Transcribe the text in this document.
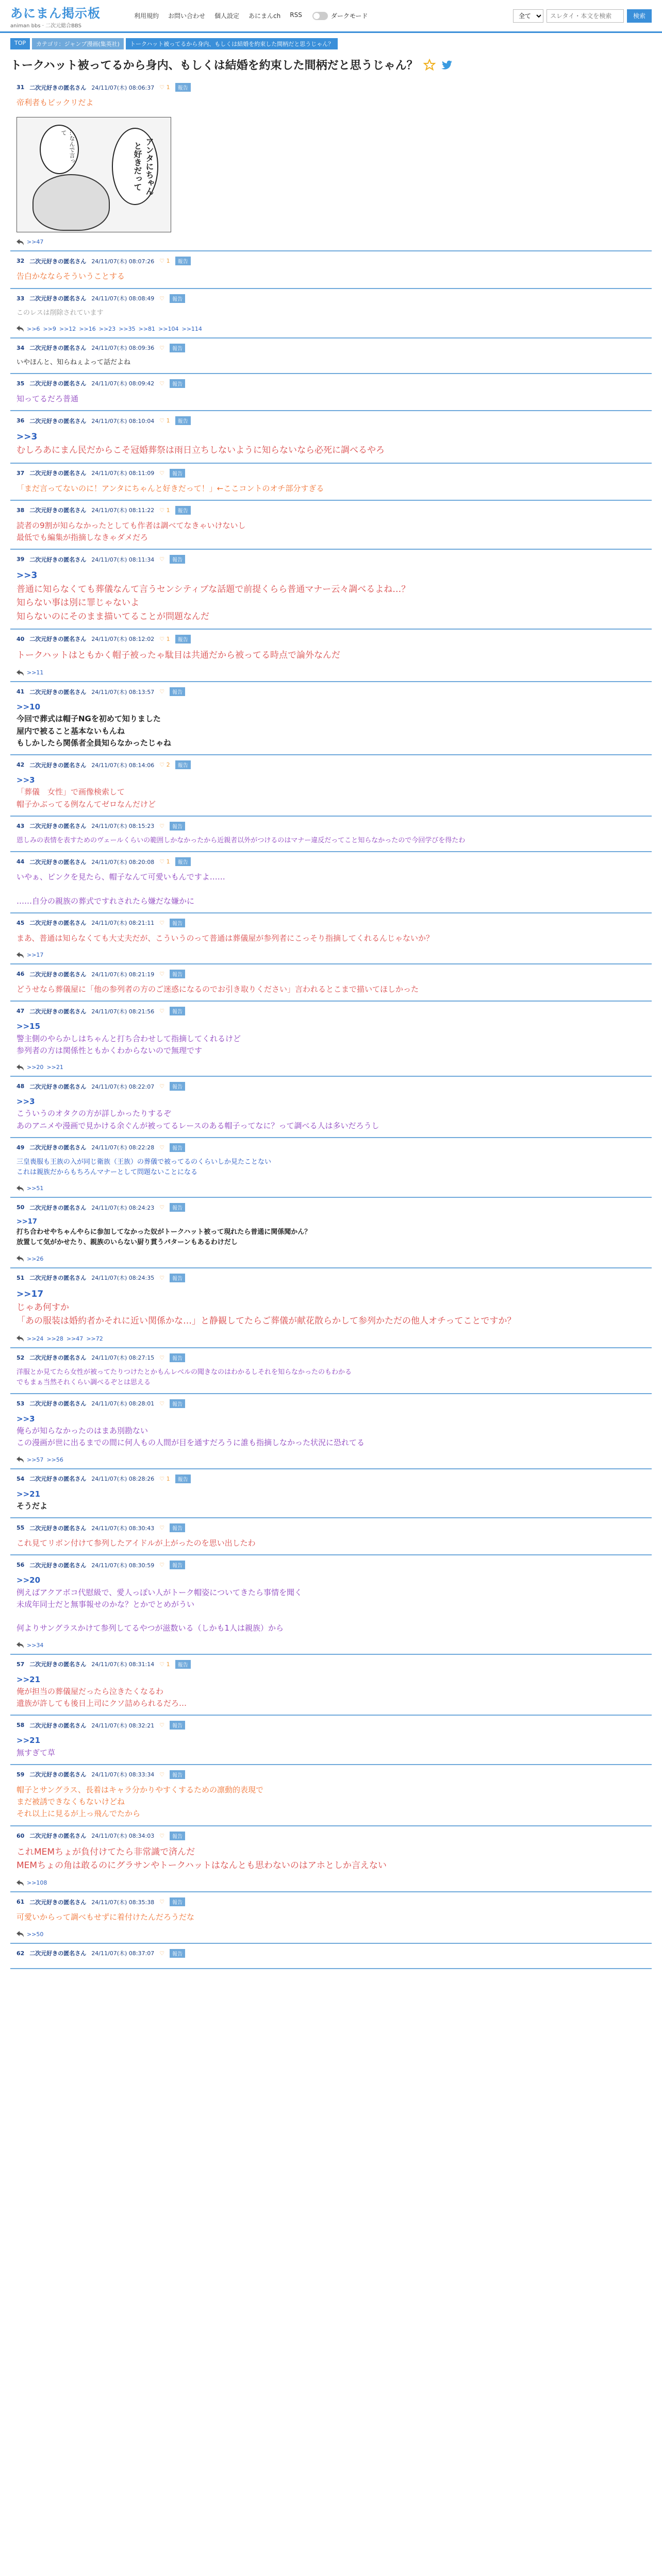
あにまん掲示板
animan bbs · 二次元総合BBS
利用規約 お問い合わせ 個人設定 あにまんch RSS	ダークモード
全て
スレタイ・本文を検索	検索
TOP	カテゴリ：ジャンプ漫画(集英社)	トークハット被ってるから身内、もしくは結婚を約束した間柄だと思うじゃん？
トークハット被ってるから身内、もしくは結婚を約束した間柄だと思うじゃん？
31 二次元好きの匿名さん 24/11/07(木) 08:06:37 ♡ 1	報告
帝利者もビックリだよ
アンタにちゃんと好きだって
…なんで言って
>>47
32 二次元好きの匿名さん 24/11/07(木) 08:07:26 ♡ 1	報告
告白かなならそういうことする
33 二次元好きの匿名さん 24/11/07(木) 08:08:49 ♡	報告
このレスは削除されています
>>6 >>9 >>12 >>16 >>23 >>35 >>81 >>104 >>114
34 二次元好きの匿名さん 24/11/07(木) 08:09:36 ♡	報告
いやほんと、知らねぇよって話だよね
35 二次元好きの匿名さん 24/11/07(木) 08:09:42 ♡	報告
知ってるだろ普通
36 二次元好きの匿名さん 24/11/07(木) 08:10:04 ♡ 1	報告
>>3
むしろあにまん民だからこそ冠婚葬祭は雨日立ちしないように知らないなら必死に調べるやろ
37 二次元好きの匿名さん 24/11/07(木) 08:11:09 ♡	報告
「まだ言ってないのに！アンタにちゃんと好きだって！」←ここコントのオチ部分すぎる
38 二次元好きの匿名さん 24/11/07(木) 08:11:22 ♡ 1	報告
読者の9割が知らなかったとしても作者は調べてなきゃいけないし
最低でも編集が指摘しなきゃダメだろ
39 二次元好きの匿名さん 24/11/07(木) 08:11:34 ♡	報告
>>3
普通に知らなくても葬儀なんて言うセンシティブな話題で前提くらら普通マナー云々調べるよね…？
知らない事は別に罪じゃないよ
知らないのにそのまま描いてることが問題なんだ
40 二次元好きの匿名さん 24/11/07(木) 08:12:02 ♡ 1	報告
トークハットはともかく帽子被ったゃ駄目は共通だから被ってる時点で論外なんだ
>>11
41 二次元好きの匿名さん 24/11/07(木) 08:13:57 ♡	報告
>>10
今回で葬式は帽子NGを初めて知りました
屋内で被ること基本ないもんね
もしかしたら関係者全員知らなかったじゃね
42 二次元好きの匿名さん 24/11/07(木) 08:14:06 ♡ 2	報告
>>3
「葬儀　女性」で画像検索して
帽子かぶってる例なんてゼロなんだけど
43 二次元好きの匿名さん 24/11/07(木) 08:15:23 ♡	報告
恩しみの表情を表すためのヴェールくらいの範囲しかなかったから近親者以外がつけるのはマナー違反だってこと知らなかったので今回学びを得たわ
44 二次元好きの匿名さん 24/11/07(木) 08:20:08 ♡ 1	報告
いやぁ、ピンクを見たら、帽子なんて可愛いもんですよ……

……自分の親族の葬式ですれされたら嫌だな嫌かに
45 二次元好きの匿名さん 24/11/07(木) 08:21:11 ♡	報告
まあ、普通は知らなくても大丈夫だが、こういうのって普通は葬儀屋が参列者にこっそり指摘してくれるんじゃないか？
>>17
46 二次元好きの匿名さん 24/11/07(木) 08:21:19 ♡	報告
どうせなら葬儀屋に「他の参列者の方のご迷惑になるのでお引き取りください」言われるとこまで描いてほしかった
47 二次元好きの匿名さん 24/11/07(木) 08:21:56 ♡	報告
>>15
警主側のやらかしはちゃんと打ち合わせして指摘してくれるけど
参列者の方は関係性ともかくわからないので無理です
>>20 >>21
48 二次元好きの匿名さん 24/11/07(木) 08:22:07 ♡	報告
>>3
こういうのオタクの方が詳しかったりするぞ
あのアニメや漫画で見かける余ぐんが被ってるレースのある帽子ってなに？って調べる人は多いだろうし
49 二次元好きの匿名さん 24/11/07(木) 08:22:28 ♡	報告
三皇喪服も王族の入が同じ衛族（王族）の葬儀で被ってるのくらいしか見たことない
これは親族だからもちろんマナーとして問題ないことになる
>>51
50 二次元好きの匿名さん 24/11/07(木) 08:24:23 ♡	報告
>>17
打ち合わせやちゃんやらに参加してなかった奴がトークハット被って現れたら普通に関係聞かん？
放置して気がかせたり、親族のいらない厨り貫うパターンもあるわけだし
>>26
51 二次元好きの匿名さん 24/11/07(木) 08:24:35 ♡	報告
>>17
じゃあ何すか
「あの服装は婚約者かそれに近い関係かな…」と静観してたらご葬儀が献花散らかして参列かただの他人オチってことですか？
>>24 >>28 >>47 >>72
52 二次元好きの匿名さん 24/11/07(木) 08:27:15 ♡	報告
洋服とか見てたら女性が被ってたりつけたとかもんレべルの聞きなのはわかるしそれを知らなかったのもわかる
でもまぁ当然それくらい調べるぞとは思える
53 二次元好きの匿名さん 24/11/07(木) 08:28:01 ♡	報告
>>3
俺らが知らなかったのはまあ別勘ない
この漫画が世に出るまでの間に何人もの人間が目を通すだろうに誰も指摘しなかった状況に恐れてる
>>57 >>56
54 二次元好きの匿名さん 24/11/07(木) 08:28:26 ♡ 1	報告
>>21
そうだよ
55 二次元好きの匿名さん 24/11/07(木) 08:30:43 ♡	報告
これ見てリボン付けて参列したアイドルが上がったのを思い出したわ
56 二次元好きの匿名さん 24/11/07(木) 08:30:59 ♡	報告
>>20
例えばアクアボコ代慰級で、愛人っぽい人がトーク帽姿についてきたら事情を聞く
未成年同士だと無事報せのかな？とかでとめがうい

何よりサングラスかけて参列してるやつが滋数いる（しかも1人は親族）から
>>34
57 二次元好きの匿名さん 24/11/07(木) 08:31:14 ♡ 1	報告
>>21
俺が担当の葬儀屋だったら泣きたくなるわ
遺族が許しても後日上司にクソ詰められるだろ…
58 二次元好きの匿名さん 24/11/07(木) 08:32:21 ♡	報告
>>21
無すぎて草
59 二次元好きの匿名さん 24/11/07(木) 08:33:34 ♡	報告
帽子とサングラス、長着はキャラ分かりやすくするための凛動的表現で
まだ被誘できなくもないけどね
それ以上に見るが上っ飛んでたから
60 二次元好きの匿名さん 24/11/07(木) 08:34:03 ♡	報告
これMEMちょが負付けてたら非常識で済んだ
MEMちょの角は敢るのにグラサンやトークハットはなんとも思わないのはアホとしか言えない
>>108
61 二次元好きの匿名さん 24/11/07(木) 08:35:38 ♡	報告
可愛いからって調べもせずに着付けたんだろうだな
>>50
62 二次元好きの匿名さん 24/11/07(木) 08:37:07 ♡	報告
